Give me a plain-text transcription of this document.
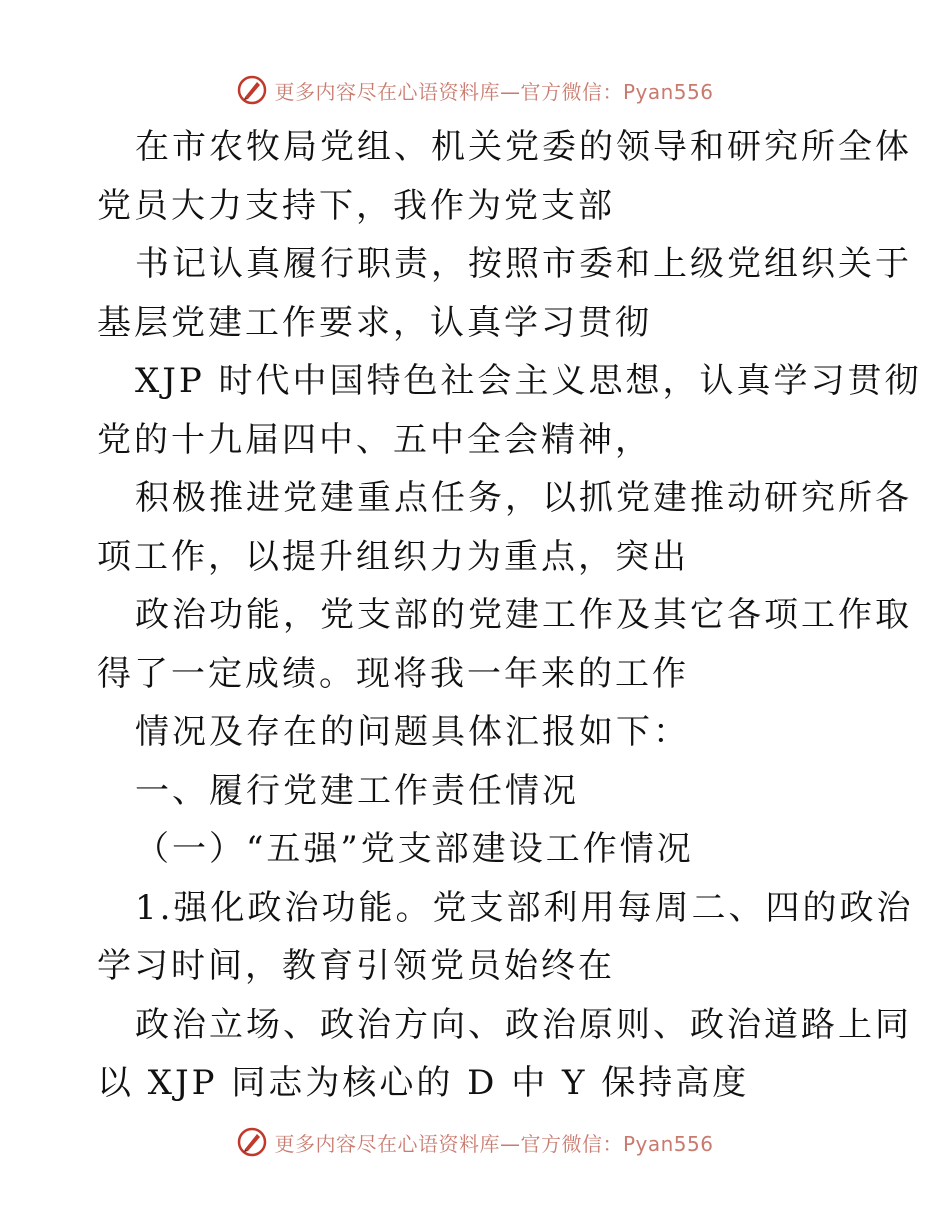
更多内容尽在心语资料库—官方微信：Pyan556
在市农牧局党组、机关党委的领导和研究所全体
党员大力支持下，我作为党支部
书记认真履行职责，按照市委和上级党组织关于
基层党建工作要求，认真学习贯彻
XJP 时代中国特色社会主义思想，认真学习贯彻
党的十九届四中、五中全会精神，
积极推进党建重点任务，以抓党建推动研究所各
项工作，以提升组织力为重点，突出
政治功能，党支部的党建工作及其它各项工作取
得了一定成绩。现将我一年来的工作
情况及存在的问题具体汇报如下：
一、履行党建工作责任情况
（一）“五强”党支部建设工作情况
1.强化政治功能。党支部利用每周二、四的政治
学习时间，教育引领党员始终在
政治立场、政治方向、政治原则、政治道路上同
以 XJP 同志为核心的 D 中 Y 保持高度
更多内容尽在心语资料库—官方微信：Pyan556
